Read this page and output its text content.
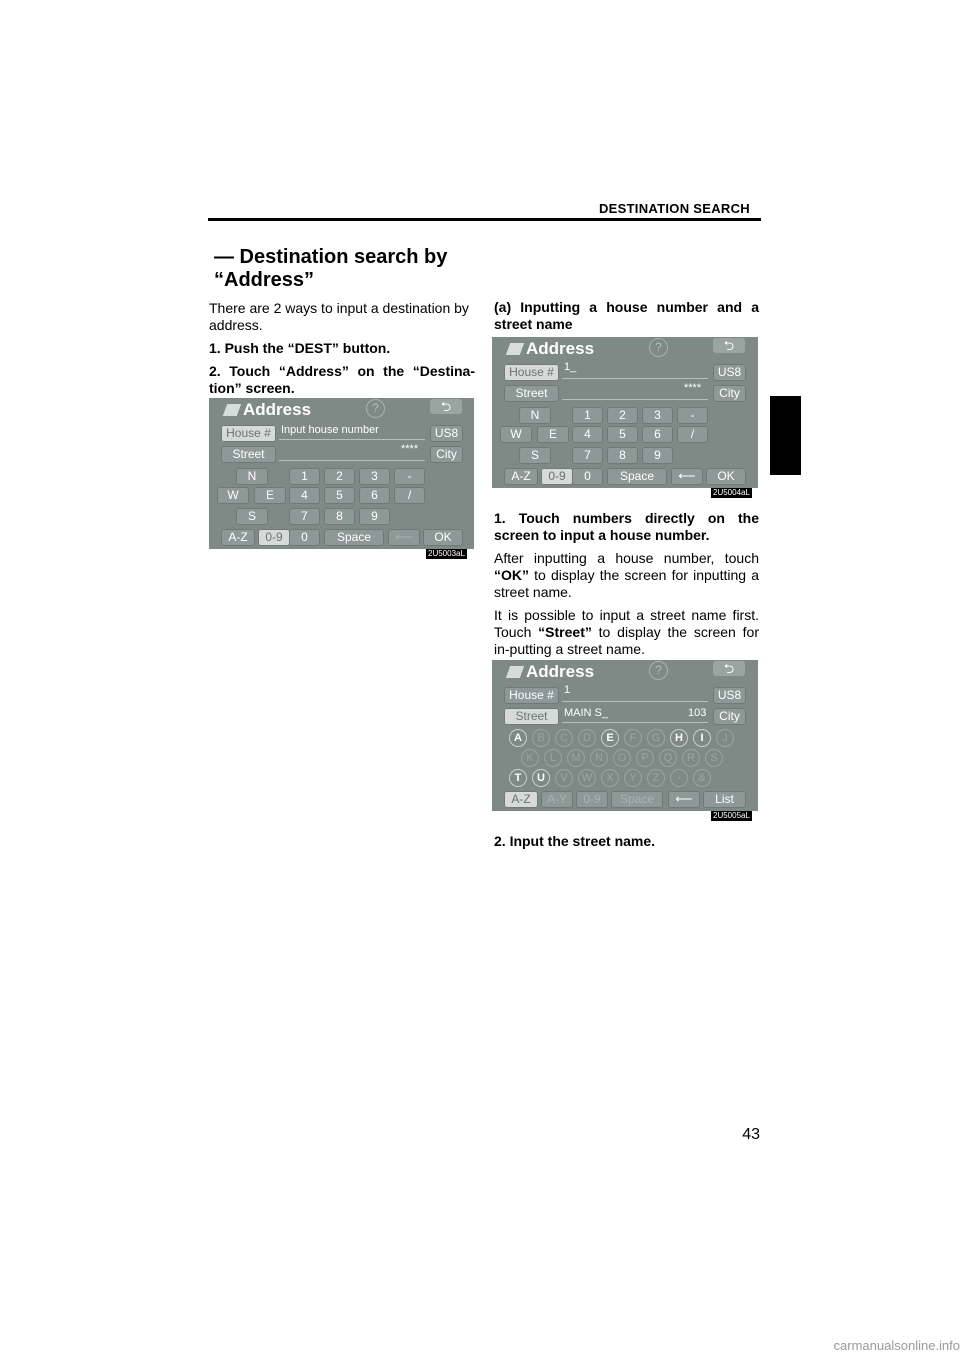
DESTINATION SEARCH
— Destination search by “Address”

There are 2 ways to input a destination by address.

1. Push the “DEST” button.

2. Touch “Address” on the “Destina-tion” screen.

Address	?	⮌
House # Input house number	US8
Street	****	City
N
W	E
S
1	2	3	-
4	5	6	/
7	8	9
A-Z	0-9	0	Space	⟵	OK
2U5003aL
(a) Inputting a house number and a street name
Address	?	⮌
House # 1_	US8
Street	****	City
N
W	E
S
1	2	3	-
4	5	6	/
7	8	9
A-Z	0-9	0	Space	⟵	OK
2U5004aL

1. Touch numbers directly on the screen to input a house number.

After inputting a house number, touch “OK” to display the screen for inputting a street name.

It is possible to input a street name first. Touch “Street” to display the screen for in-putting a street name.

Address	?	⮌
House # 1	US8
Street	MAIN S_	103	City
A	B	C	D	E	F	G	H	I	J
K	L	M	N	O	P	Q	R	S
T	U	V	W	X	Y	Z	-	&
A-Z	A-Y	0-9	Space	⟵	List
2U5005aL
2. Input the street name.
43
carmanualsonline.info
